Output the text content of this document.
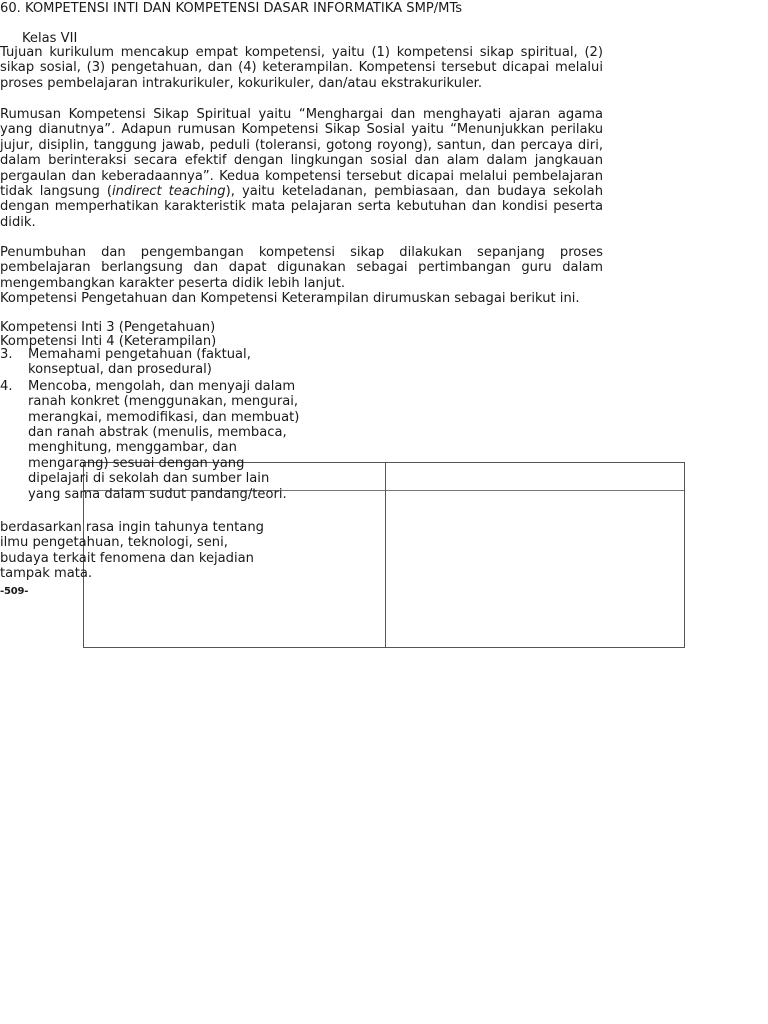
60. KOMPETENSI INTI DAN KOMPETENSI DASAR INFORMATIKA SMP/MTs
Kelas VII

Tujuan kurikulum mencakup empat kompetensi, yaitu (1) kompetensi sikap spiritual, (2) sikap sosial, (3) pengetahuan, dan (4) keterampilan. Kompetensi tersebut dicapai melalui proses pembelajaran intrakurikuler, kokurikuler, dan/atau ekstrakurikuler.

Rumusan Kompetensi Sikap Spiritual yaitu “Menghargai dan menghayati ajaran agama yang dianutnya”. Adapun rumusan Kompetensi Sikap Sosial yaitu “Menunjukkan perilaku jujur, disiplin, tanggung jawab, peduli (toleransi, gotong royong), santun, dan percaya diri, dalam berinteraksi secara efektif dengan lingkungan sosial dan alam dalam jangkauan pergaulan dan keberadaannya”. Kedua kompetensi tersebut dicapai melalui pembelajaran tidak langsung (indirect teaching), yaitu keteladanan, pembiasaan, dan budaya sekolah dengan memperhatikan karakteristik mata pelajaran serta kebutuhan dan kondisi peserta didik.

Penumbuhan dan pengembangan kompetensi sikap dilakukan sepanjang proses pembelajaran berlangsung dan dapat digunakan sebagai pertimbangan guru dalam mengembangkan karakter peserta didik lebih lanjut.

Kompetensi Pengetahuan dan Kompetensi Keterampilan dirumuskan sebagai berikut ini.

Kompetensi Inti 3 (Pengetahuan)
Kompetensi Inti 4 (Keterampilan)
3. Memahami pengetahuan (faktual, konseptual, dan prosedural)
4. Mencoba, mengolah, dan menyaji dalam ranah konkret (menggunakan, mengurai, merangkai, memodifikasi, dan membuat) dan ranah abstrak (menulis, membaca, menghitung, menggambar, dan mengarang) sesuai dengan yang dipelajari di sekolah dan sumber lain yang sama dalam sudut pandang/teori.

berdasarkan rasa ingin tahunya tentang ilmu pengetahuan, teknologi, seni, budaya terkait fenomena dan kejadian tampak mata.

-509-
